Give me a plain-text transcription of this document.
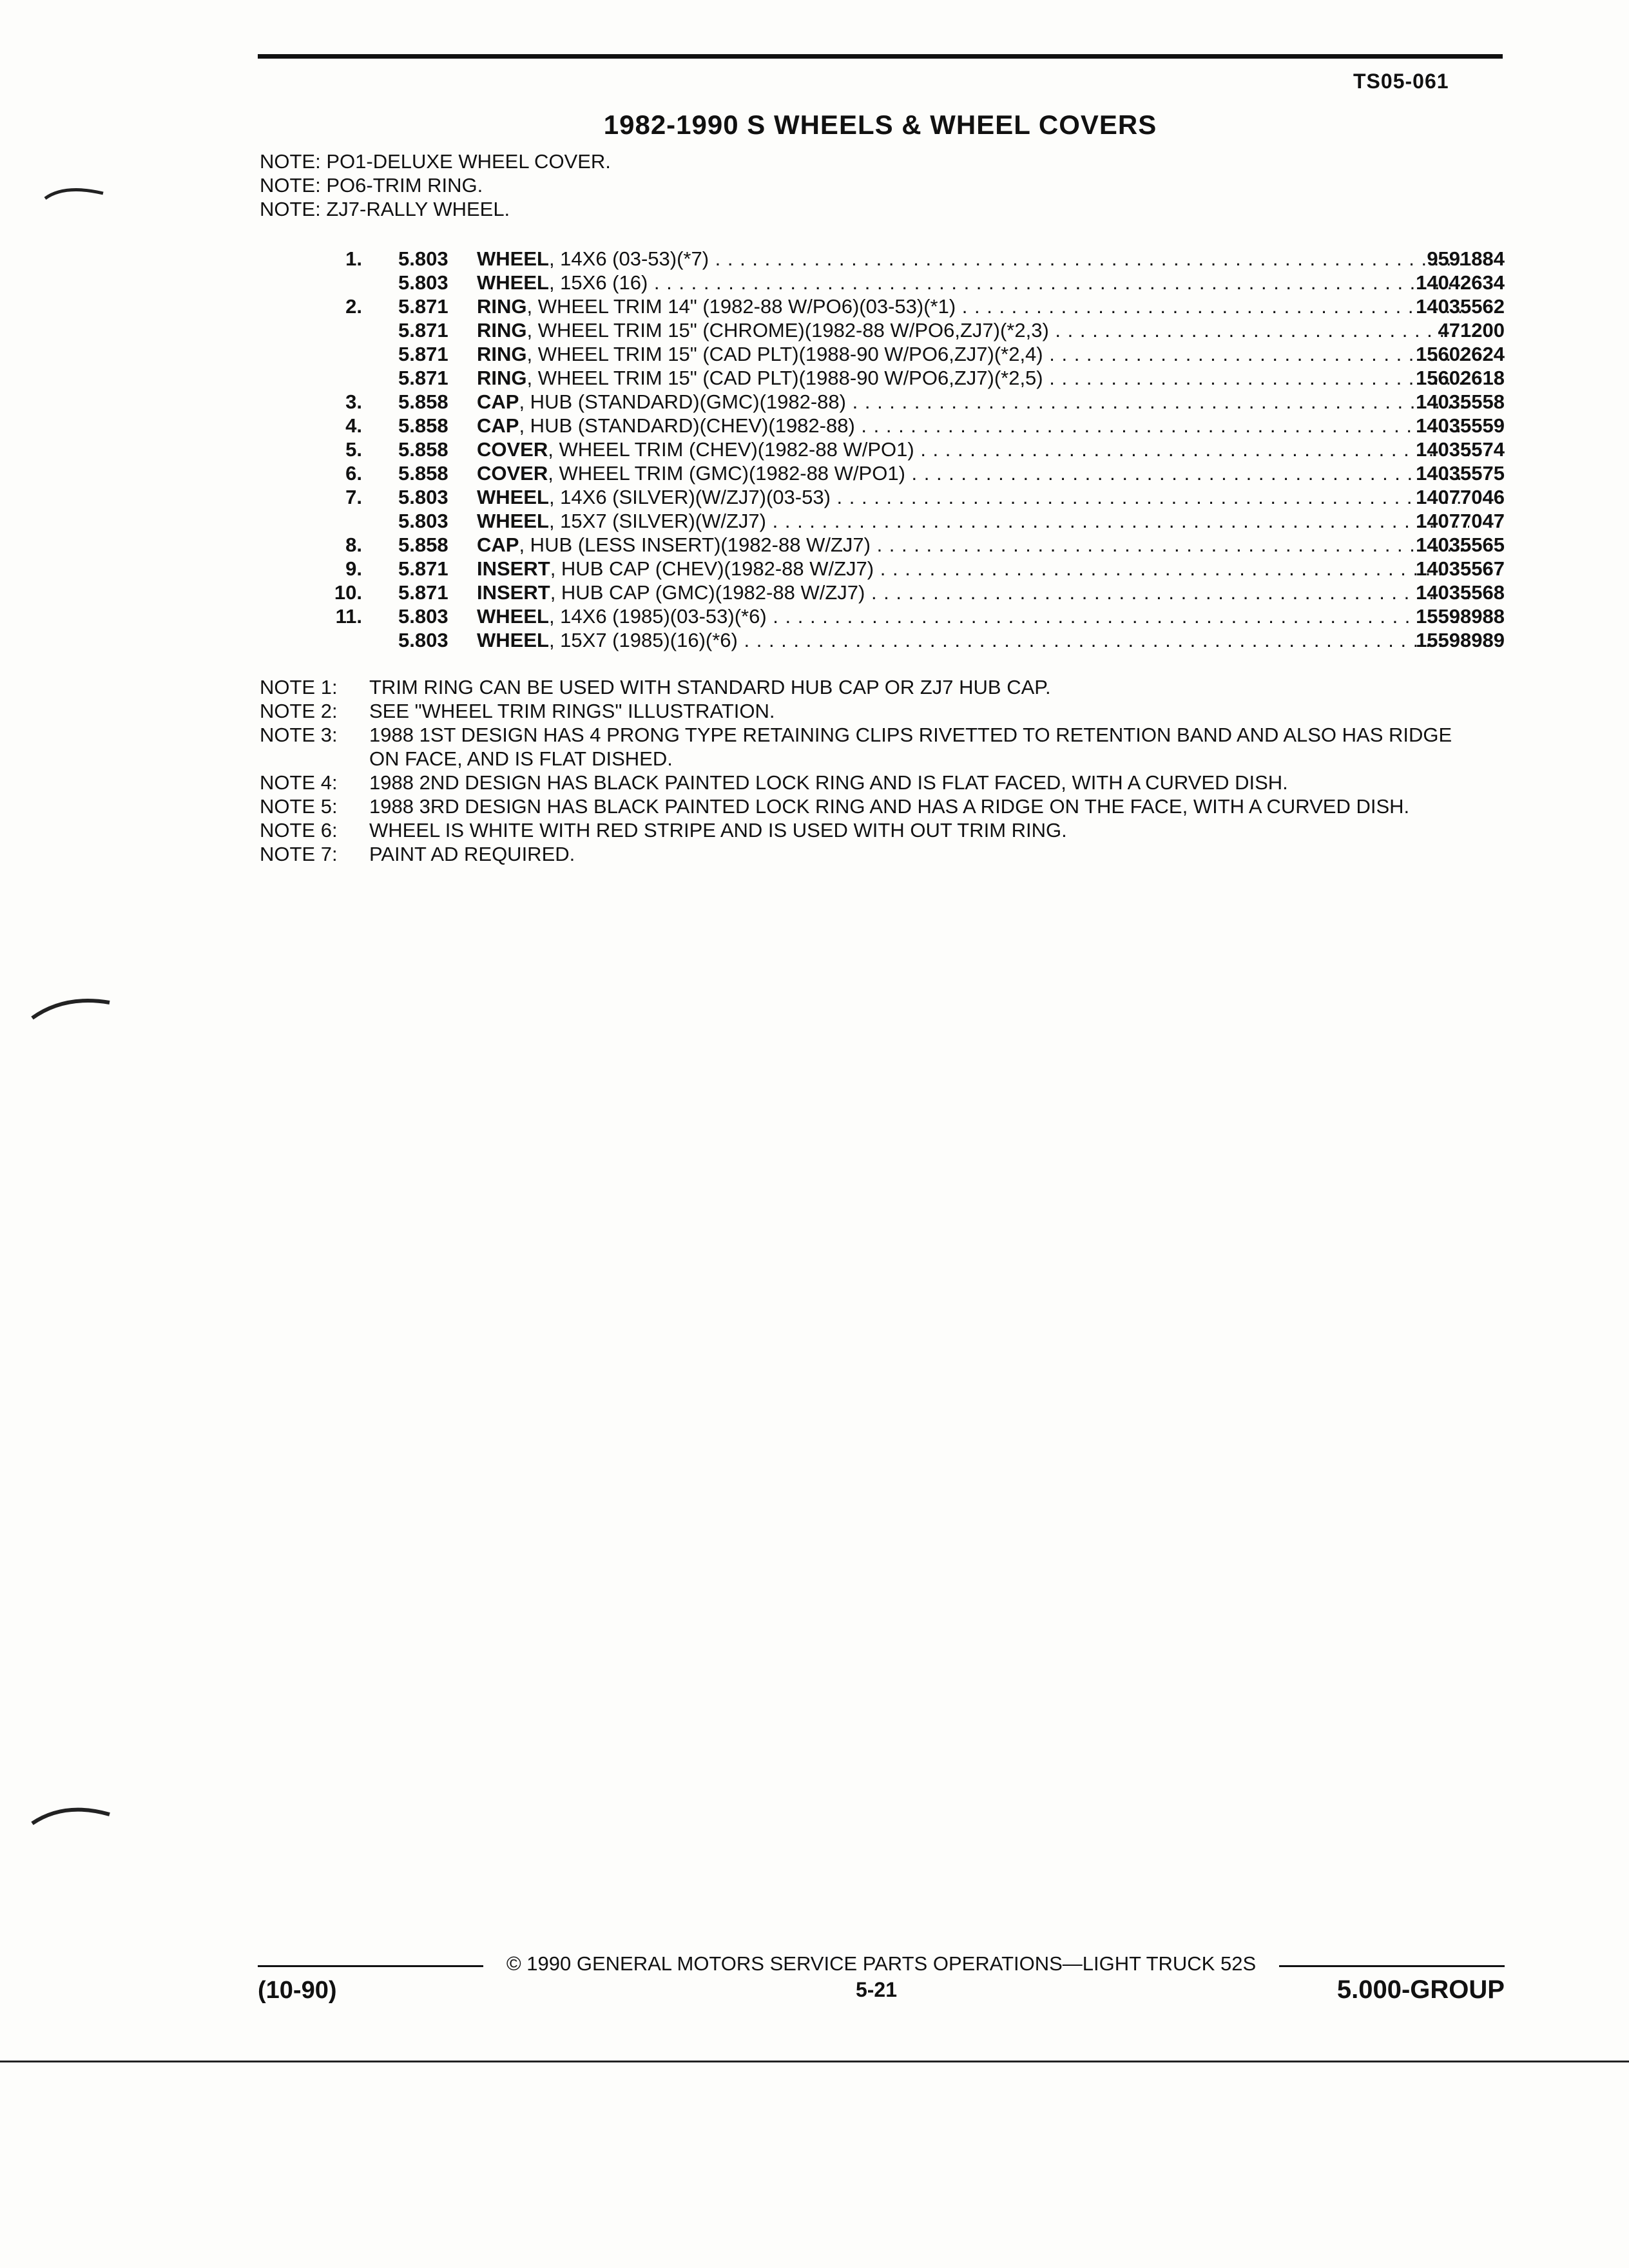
TS05-061
1982-1990 S WHEELS & WHEEL COVERS
NOTE: PO1-DELUXE WHEEL COVER.
NOTE: PO6-TRIM RING.
NOTE: ZJ7-RALLY WHEEL.
1. 5.803 WHEEL, 14X6 (03-53)(*7) . . .	9591884
5.803 WHEEL, 15X6 (16) . . .	14042634
2. 5.871 RING, WHEEL TRIM 14" (1982-88 W/PO6)(03-53)(*1) . . .	14035562
5.871 RING, WHEEL TRIM 15" (CHROME)(1982-88 W/PO6,ZJ7)(*2,3) . . .	471200
5.871 RING, WHEEL TRIM 15" (CAD PLT)(1988-90 W/PO6,ZJ7)(*2,4) . . .	15602624
5.871 RING, WHEEL TRIM 15" (CAD PLT)(1988-90 W/PO6,ZJ7)(*2,5) . . .	15602618
3. 5.858 CAP, HUB (STANDARD)(GMC)(1982-88) . . .	14035558
4. 5.858 CAP, HUB (STANDARD)(CHEV)(1982-88) . . .	14035559
5. 5.858 COVER, WHEEL TRIM (CHEV)(1982-88 W/PO1) . . .	14035574
6. 5.858 COVER, WHEEL TRIM (GMC)(1982-88 W/PO1) . . .	14035575
7. 5.803 WHEEL, 14X6 (SILVER)(W/ZJ7)(03-53) . . .	14077046
5.803 WHEEL, 15X7 (SILVER)(W/ZJ7) . . .	14077047
8. 5.858 CAP, HUB (LESS INSERT)(1982-88 W/ZJ7) . . .	14035565
9. 5.871 INSERT, HUB CAP (CHEV)(1982-88 W/ZJ7) . . .	14035567
10. 5.871 INSERT, HUB CAP (GMC)(1982-88 W/ZJ7) . . .	14035568
11. 5.803 WHEEL, 14X6 (1985)(03-53)(*6) . . .	15598988
5.803 WHEEL, 15X7 (1985)(16)(*6) . . .	15598989
NOTE 1:	TRIM RING CAN BE USED WITH STANDARD HUB CAP OR ZJ7 HUB CAP.
NOTE 2:	SEE "WHEEL TRIM RINGS" ILLUSTRATION.
NOTE 3:	1988 1ST DESIGN HAS 4 PRONG TYPE RETAINING CLIPS RIVETTED TO RETENTION BAND AND ALSO HAS RIDGE ON FACE, AND IS FLAT DISHED.
NOTE 4:	1988 2ND DESIGN HAS BLACK PAINTED LOCK RING AND IS FLAT FACED, WITH A CURVED DISH.
NOTE 5:	1988 3RD DESIGN HAS BLACK PAINTED LOCK RING AND HAS A RIDGE ON THE FACE, WITH A CURVED DISH.
NOTE 6:	WHEEL IS WHITE WITH RED STRIPE AND IS USED WITH OUT TRIM RING.
NOTE 7:	PAINT AD REQUIRED.
© 1990 GENERAL MOTORS SERVICE PARTS OPERATIONS—LIGHT TRUCK 52S
(10-90)	5-21	5.000-GROUP
